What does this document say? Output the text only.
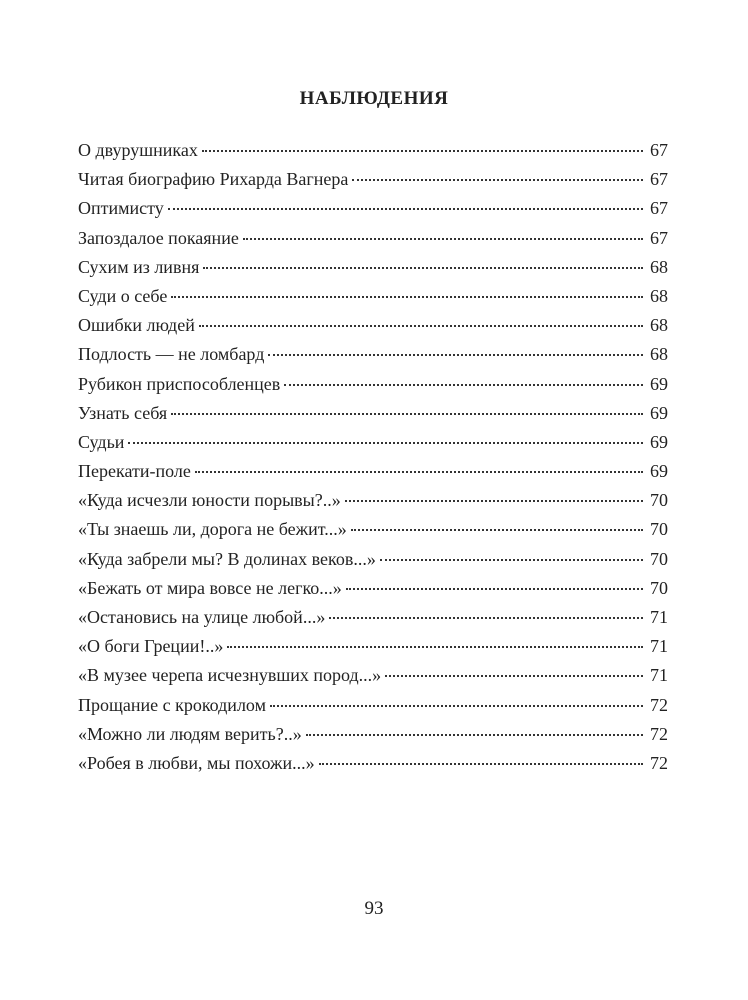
НАБЛЮДЕНИЯ
О двурушниках	67
Читая биографию Рихарда Вагнера	67
Оптимисту	67
Запоздалое покаяние	67
Сухим из ливня	68
Суди о себе	68
Ошибки людей	68
Подлость — не ломбард	68
Рубикон приспособленцев	69
Узнать себя	69
Судьи	69
Перекати-поле	69
«Куда исчезли юности порывы?..»	70
«Ты знаешь ли, дорога не бежит...»	70
«Куда забрели мы? В долинах веков...»	70
«Бежать от мира вовсе не легко...»	70
«Остановись на улице любой...»	71
«О боги Греции!..»	71
«В музее черепа исчезнувших пород...»	71
Прощание с крокодилом	72
«Можно ли людям верить?..»	72
«Робея в любви, мы похожи...»	72

93
